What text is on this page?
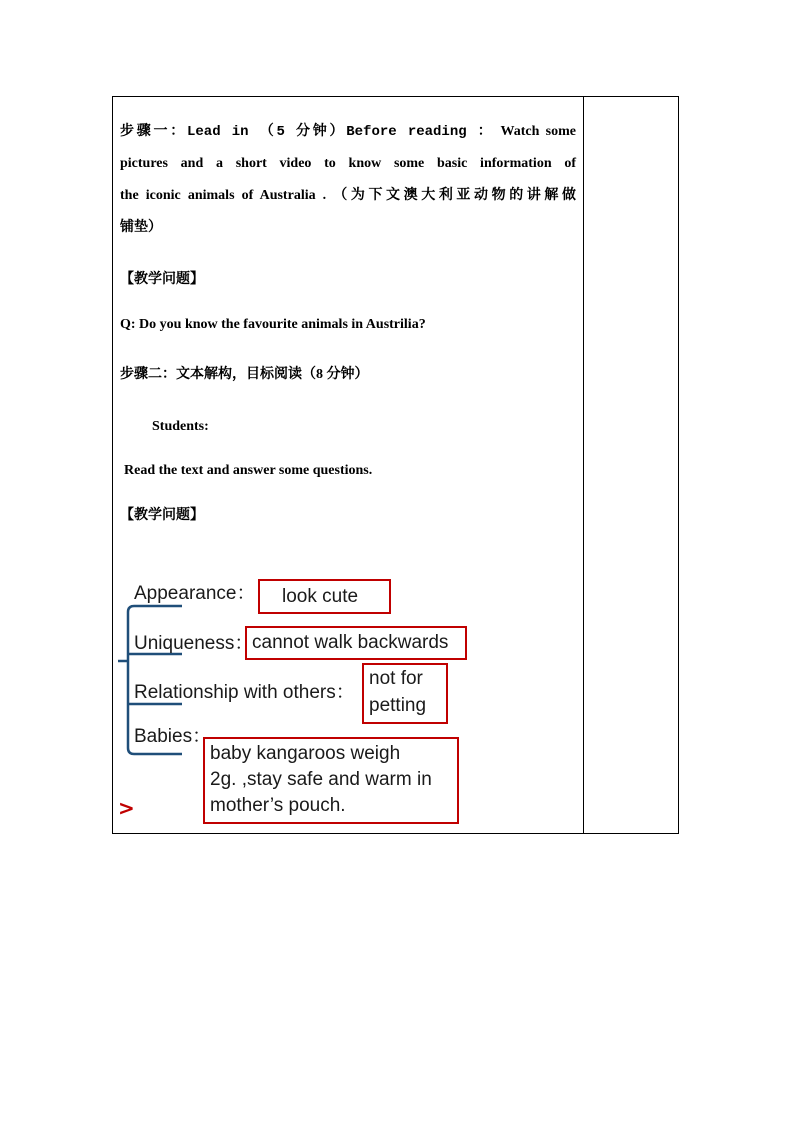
步骤一：Lead in （5 分钟）Before reading ： Watch some
pictures and a short video to know some basic information of
the iconic animals of Australia . （为下文澳大利亚动物的讲解做
铺垫）
【教学问题】
Q: Do you know the favourite animals in Austrilia?
步骤二：文本解构，目标阅读（8 分钟）
Students:
Read the text and answer some questions.
【教学问题】
Appearance：
Uniqueness：
Relationship with others：
Babies：
look cute
cannot walk backwards
not for
petting
baby kangaroos weigh
2g. ,stay safe and warm in
mother’s pouch.
>
